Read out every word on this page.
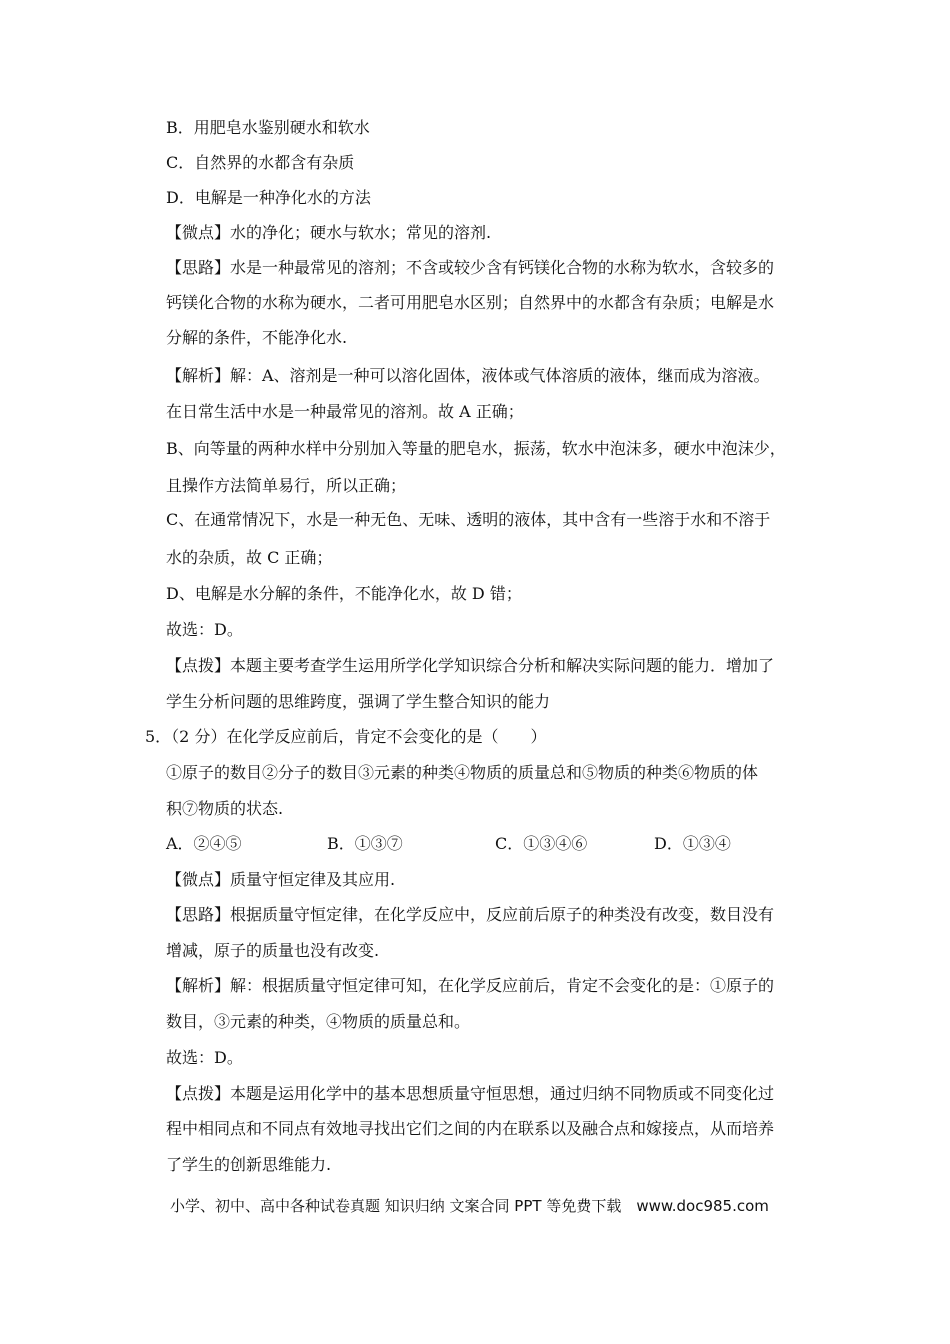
B．用肥皂水鉴别硬水和软水
C．自然界的水都含有杂质
D．电解是一种净化水的方法
【微点】水的净化；硬水与软水；常见的溶剂.
【思路】水是一种最常见的溶剂；不含或较少含有钙镁化合物的水称为软水，含较多的
钙镁化合物的水称为硬水，二者可用肥皂水区别；自然界中的水都含有杂质；电解是水
分解的条件，不能净化水.
【解析】解：A、溶剂是一种可以溶化固体，液体或气体溶质的液体，继而成为溶液。
在日常生活中水是一种最常见的溶剂。故 A 正确；
B、向等量的两种水样中分别加入等量的肥皂水，振荡，软水中泡沫多，硬水中泡沫少，
且操作方法简单易行，所以正确；
C、在通常情况下，水是一种无色、无味、透明的液体，其中含有一些溶于水和不溶于
水的杂质，故 C 正确；
D、电解是水分解的条件，不能净化水，故 D 错；
故选：D。
【点拨】本题主要考查学生运用所学化学知识综合分析和解决实际问题的能力．增加了
学生分析问题的思维跨度，强调了学生整合知识的能力
5．（2 分）在化学反应前后，肯定不会变化的是（　　）
①原子的数目②分子的数目③元素的种类④物质的质量总和⑤物质的种类⑥物质的体
积⑦物质的状态.
A．②④⑤	B．①③⑦	C．①③④⑥	D．①③④
【微点】质量守恒定律及其应用.
【思路】根据质量守恒定律，在化学反应中，反应前后原子的种类没有改变，数目没有
增减，原子的质量也没有改变.
【解析】解：根据质量守恒定律可知，在化学反应前后，肯定不会变化的是：①原子的
数目，③元素的种类，④物质的质量总和。
故选：D。
【点拨】本题是运用化学中的基本思想质量守恒思想，通过归纳不同物质或不同变化过
程中相同点和不同点有效地寻找出它们之间的内在联系以及融合点和嫁接点，从而培养
了学生的创新思维能力.
小学、初中、高中各种试卷真题 知识归纳 文案合同 PPT 等免费下载　www.doc985.com
